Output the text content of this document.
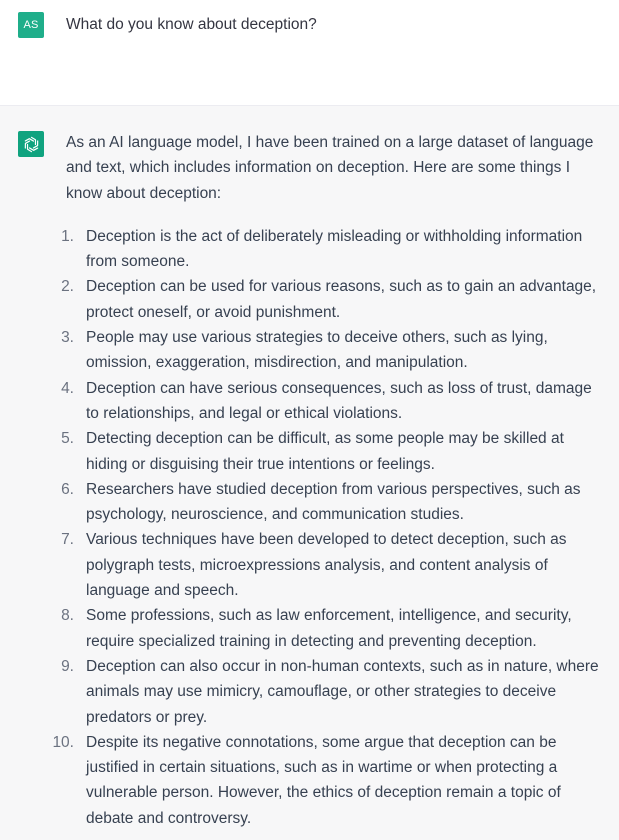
AS	What do you know about deception?

As an AI language model, I have been trained on a large dataset of language and text, which includes information on deception. Here are some things I know about deception:

1. Deception is the act of deliberately misleading or withholding information from someone.
2. Deception can be used for various reasons, such as to gain an advantage, protect oneself, or avoid punishment.
3. People may use various strategies to deceive others, such as lying, omission, exaggeration, misdirection, and manipulation.
4. Deception can have serious consequences, such as loss of trust, damage to relationships, and legal or ethical violations.
5. Detecting deception can be difficult, as some people may be skilled at hiding or disguising their true intentions or feelings.
6. Researchers have studied deception from various perspectives, such as psychology, neuroscience, and communication studies.
7. Various techniques have been developed to detect deception, such as polygraph tests, microexpressions analysis, and content analysis of language and speech.
8. Some professions, such as law enforcement, intelligence, and security, require specialized training in detecting and preventing deception.
9. Deception can also occur in non-human contexts, such as in nature, where animals may use mimicry, camouflage, or other strategies to deceive predators or prey.
10. Despite its negative connotations, some argue that deception can be justified in certain situations, such as in wartime or when protecting a vulnerable person. However, the ethics of deception remain a topic of debate and controversy.
